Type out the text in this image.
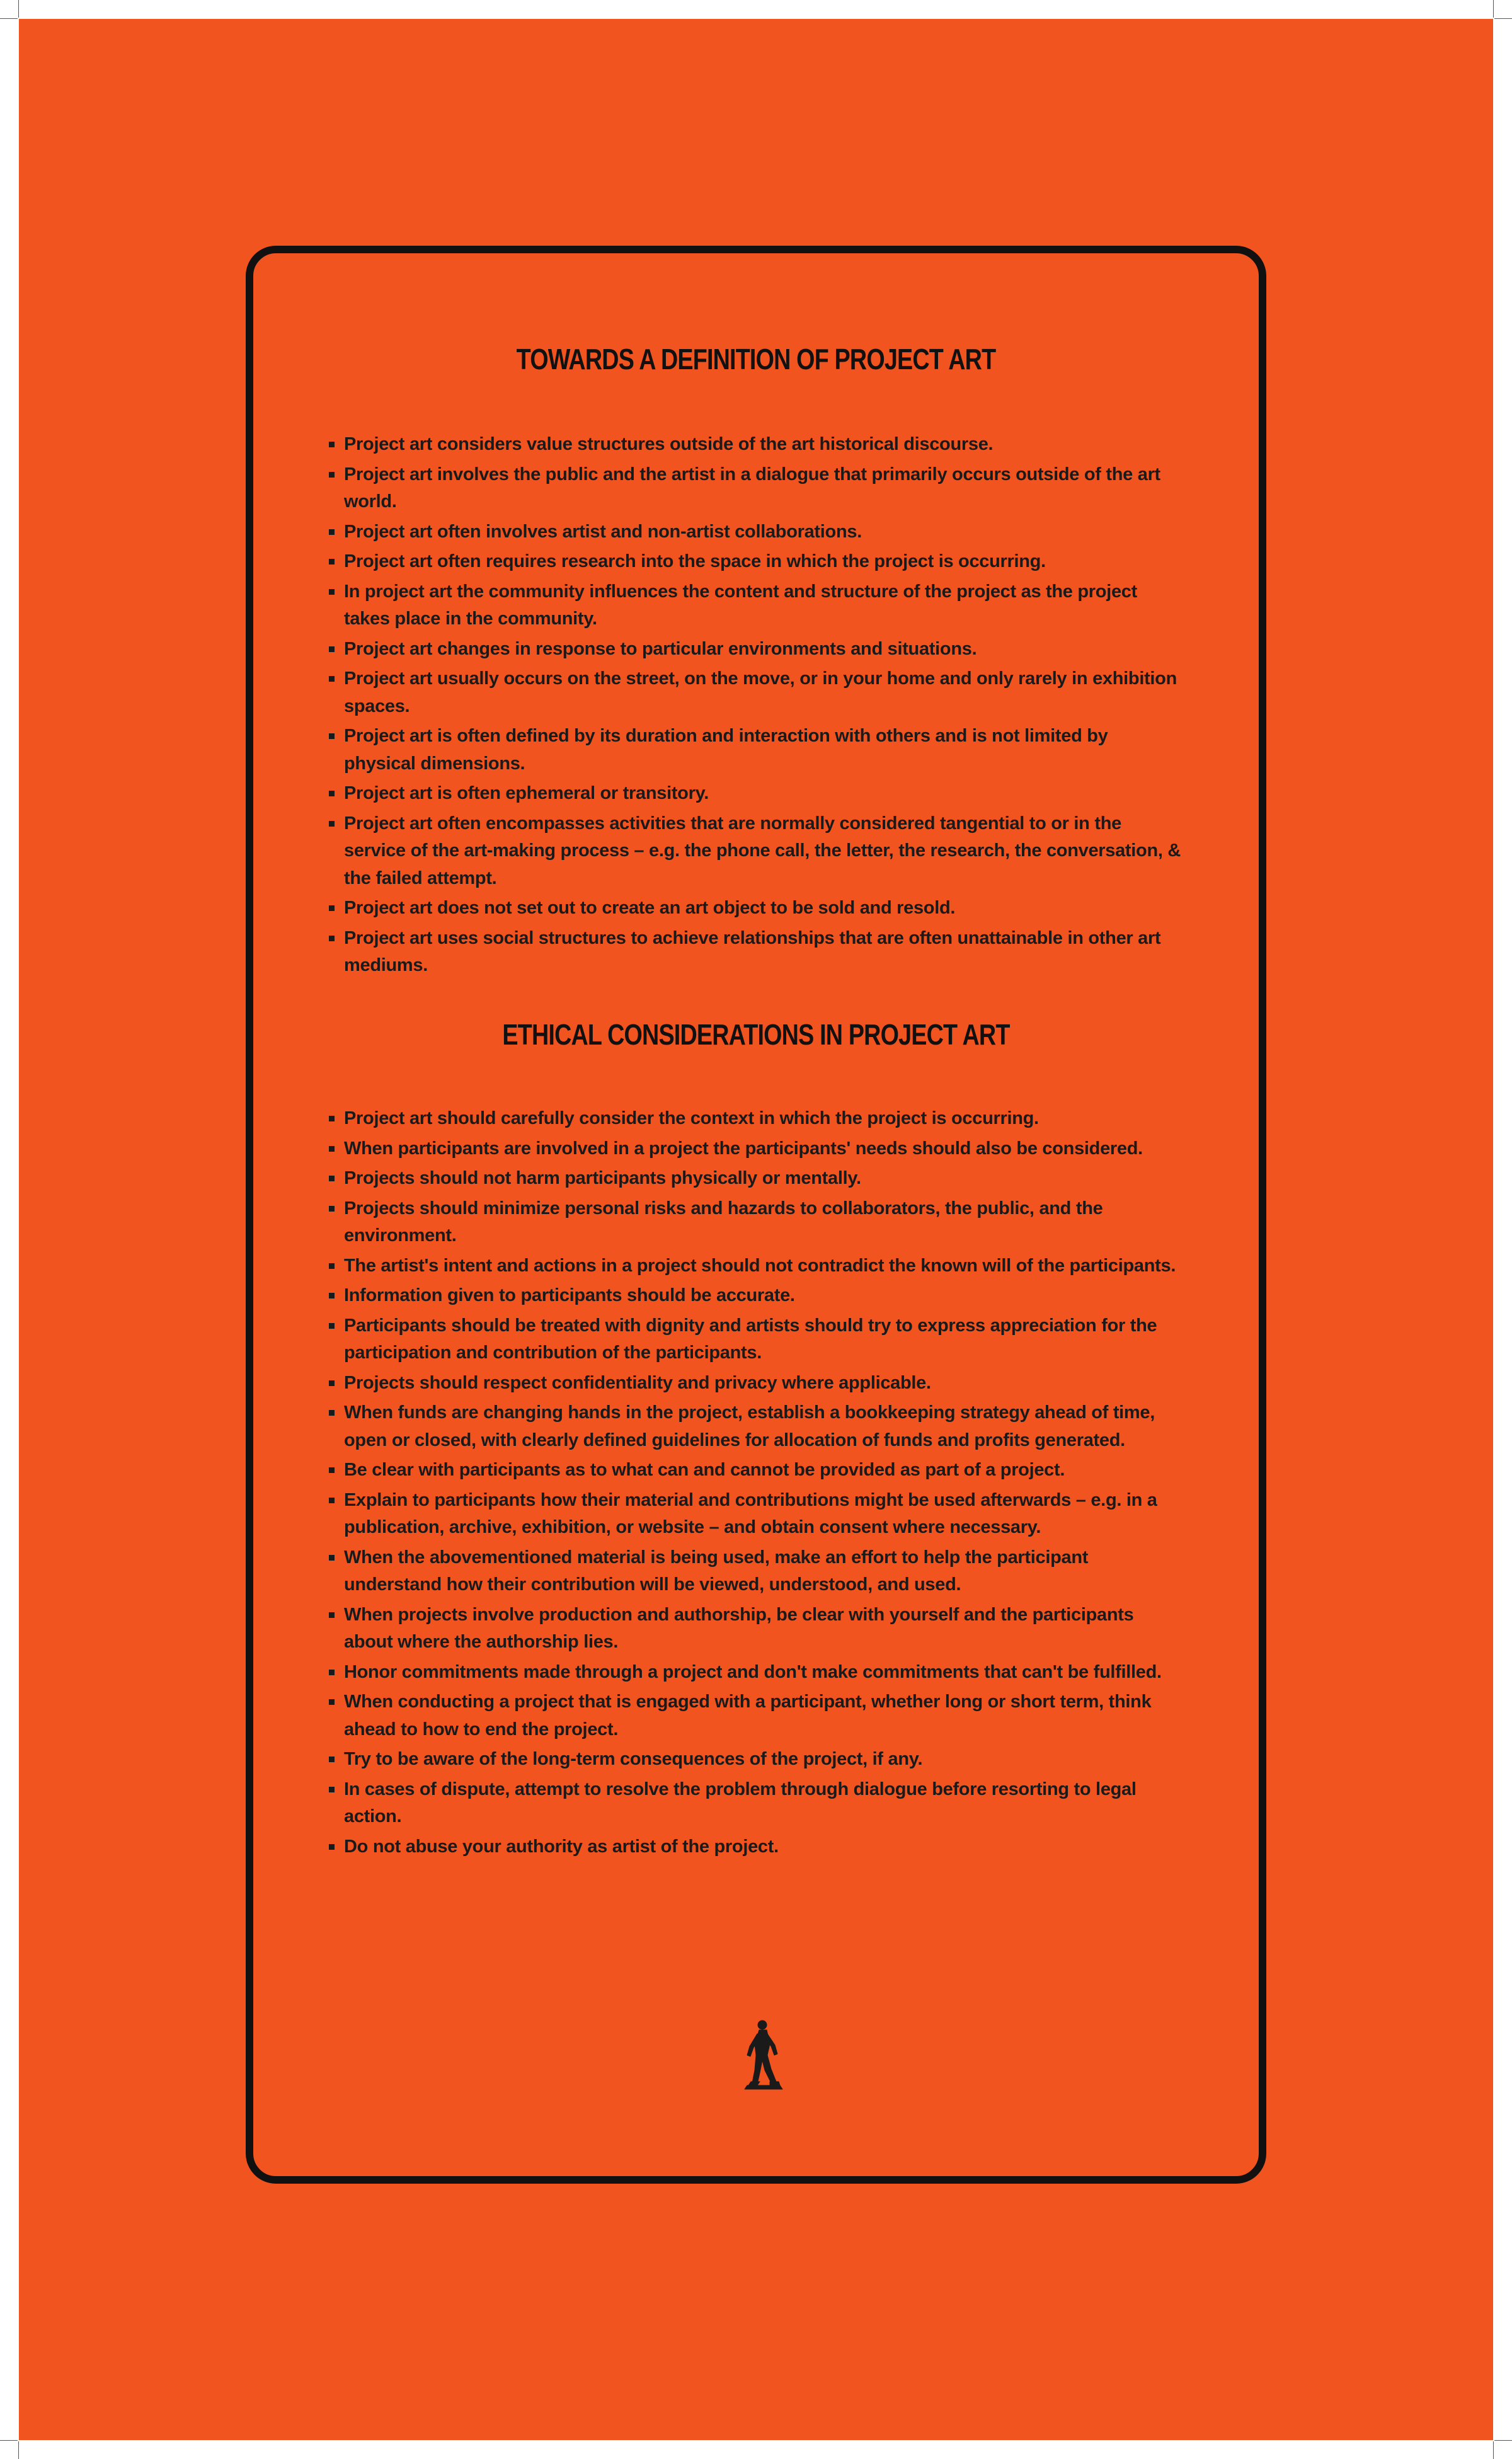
TOWARDS A DEFINITION OF PROJECT ART
Project art considers value structures outside of the art historical discourse.
Project art involves the public and the artist in a dialogue that primarily occurs outside of the art world.
Project art often involves artist and non-artist collaborations.
Project art often requires research into the space in which the project is occurring.
In project art the community influences the content and structure of the project as the project takes place in the community.
Project art changes in response to particular environments and situations.
Project art usually occurs on the street, on the move, or in your home and only rarely in exhibition spaces.
Project art is often defined by its duration and interaction with others and is not limited by physical dimensions.
Project art is often ephemeral or transitory.
Project art often encompasses activities that are normally considered tangential to or in the service of the art-making process – e.g. the phone call, the letter, the research, the conversation, & the failed attempt.
Project art does not set out to create an art object to be sold and resold.
Project art uses social structures to achieve relationships that are often unattainable in other art mediums.
ETHICAL CONSIDERATIONS IN PROJECT ART
Project art should carefully consider the context in which the project is occurring.
When participants are involved in a project the participants' needs should also be considered.
Projects should not harm participants physically or mentally.
Projects should minimize personal risks and hazards to collaborators, the public, and the environment.
The artist's intent and actions in a project should not contradict the known will of the participants.
Information given to participants should be accurate.
Participants should be treated with dignity and artists should try to express appreciation for the participation and contribution of the participants.
Projects should respect confidentiality and privacy where applicable.
When funds are changing hands in the project, establish a bookkeeping strategy ahead of time, open or closed, with clearly defined guidelines for allocation of funds and profits generated.
Be clear with participants as to what can and cannot be provided as part of a project.
Explain to participants how their material and contributions might be used afterwards – e.g. in a publication, archive, exhibition, or website – and obtain consent where necessary.
When the abovementioned material is being used, make an effort to help the participant understand how their contribution will be viewed, understood, and used.
When projects involve production and authorship, be clear with yourself and the participants about where the authorship lies.
Honor commitments made through a project and don't make commitments that can't be fulfilled.
When conducting a project that is engaged with a participant, whether long or short term, think ahead to how to end the project.
Try to be aware of the long-term consequences of the project, if any.
In cases of dispute, attempt to resolve the problem through dialogue before resorting to legal action.
Do not abuse your authority as artist of the project.
